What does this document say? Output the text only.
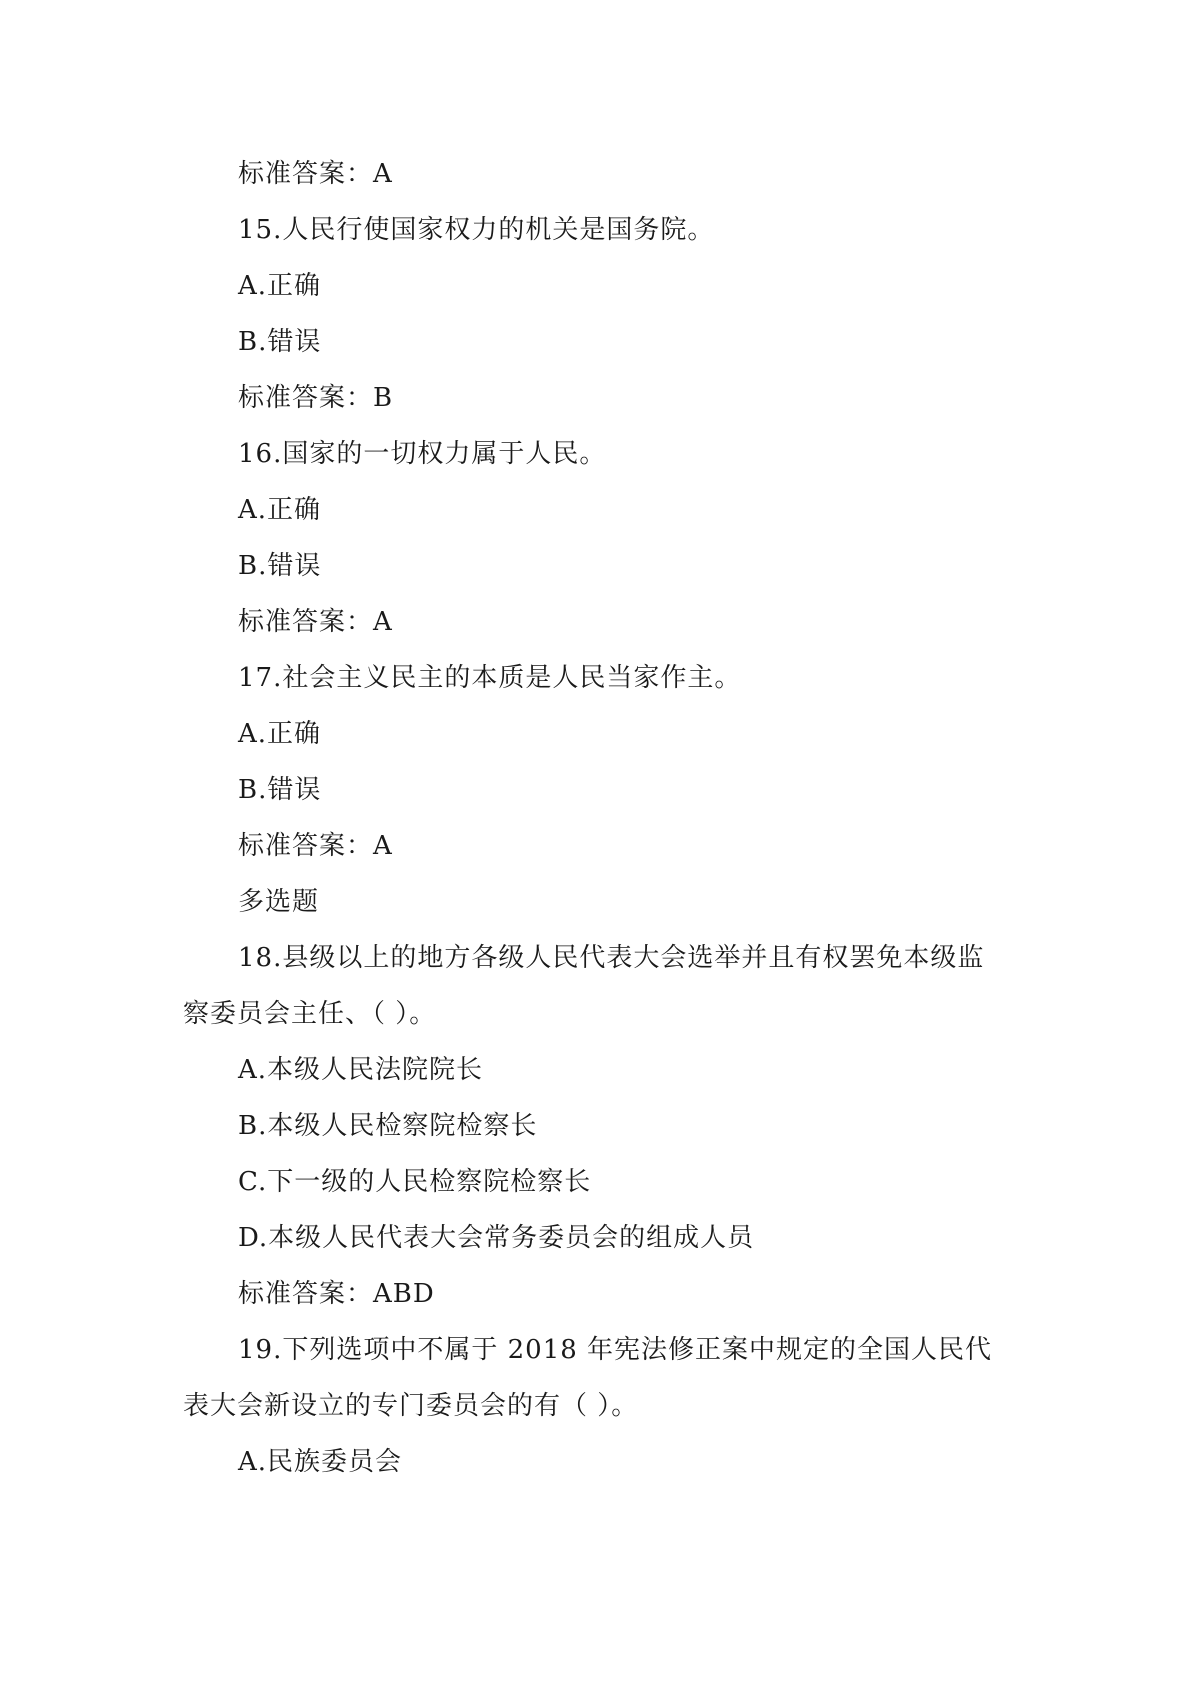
标准答案：A
15.人民行使国家权力的机关是国务院。
A.正确
B.错误
标准答案：B
16.国家的一切权力属于人民。
A.正确
B.错误
标准答案：A
17.社会主义民主的本质是人民当家作主。
A.正确
B.错误
标准答案：A
多选题
18.县级以上的地方各级人民代表大会选举并且有权罢免本级监
察委员会主任、（ ）。
A.本级人民法院院长
B.本级人民检察院检察长
C.下一级的人民检察院检察长
D.本级人民代表大会常务委员会的组成人员
标准答案：ABD
19.下列选项中不属于 2018 年宪法修正案中规定的全国人民代
表大会新设立的专门委员会的有（ ）。
A.民族委员会
